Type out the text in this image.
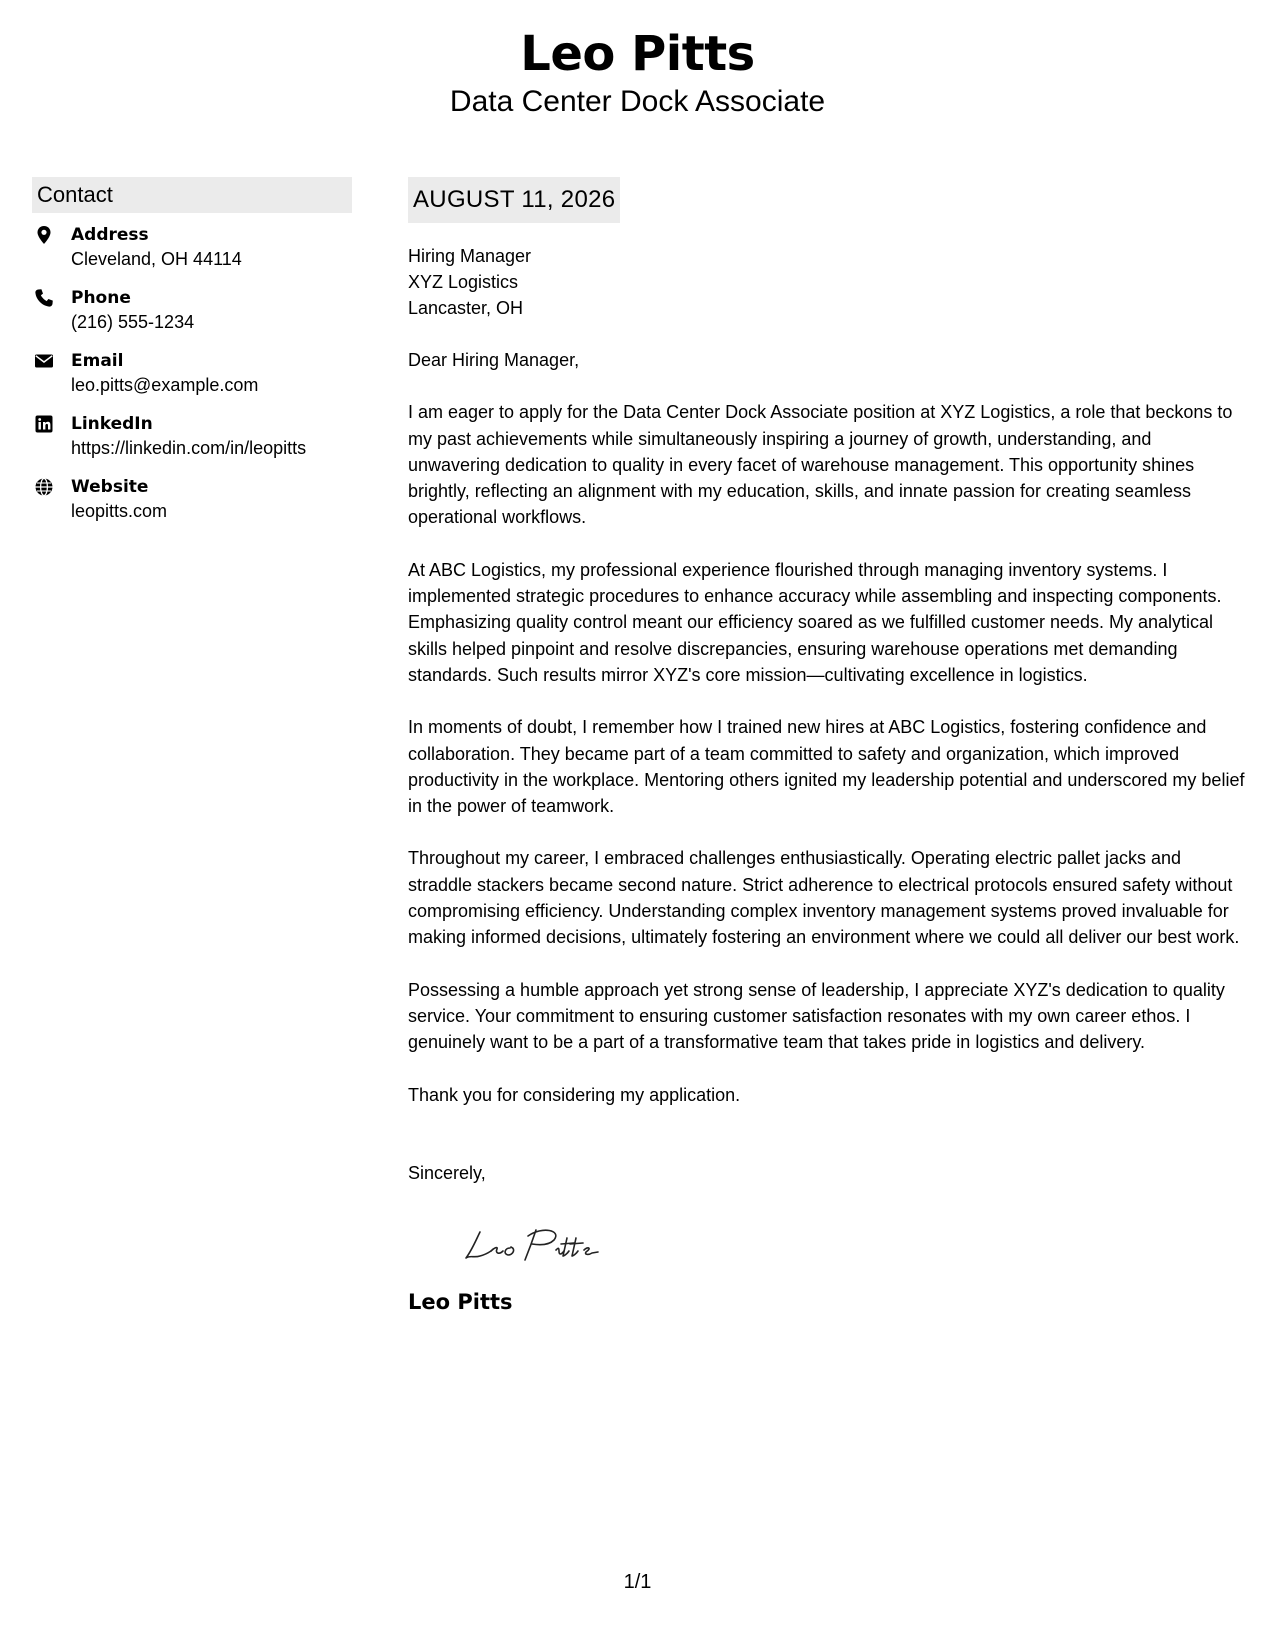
Leo Pitts
Data Center Dock Associate
Contact
Address
Cleveland, OH 44114
Phone
(216) 555-1234
Email
leo.pitts@example.com
LinkedIn
https://linkedin.com/in/leopitts
Website
leopitts.com
AUGUST 11, 2026
Hiring Manager
XYZ Logistics
Lancaster, OH

Dear Hiring Manager,

I am eager to apply for the Data Center Dock Associate position at XYZ Logistics, a role that beckons to my past achievements while simultaneously inspiring a journey of growth, understanding, and unwavering dedication to quality in every facet of warehouse management. This opportunity shines brightly, reflecting an alignment with my education, skills, and innate passion for creating seamless operational workflows.

At ABC Logistics, my professional experience flourished through managing inventory systems. I implemented strategic procedures to enhance accuracy while assembling and inspecting components. Emphasizing quality control meant our efficiency soared as we fulfilled customer needs. My analytical skills helped pinpoint and resolve discrepancies, ensuring warehouse operations met demanding standards. Such results mirror XYZ's core mission—cultivating excellence in logistics.

In moments of doubt, I remember how I trained new hires at ABC Logistics, fostering confidence and collaboration. They became part of a team committed to safety and organization, which improved productivity in the workplace. Mentoring others ignited my leadership potential and underscored my belief in the power of teamwork.

Throughout my career, I embraced challenges enthusiastically. Operating electric pallet jacks and straddle stackers became second nature. Strict adherence to electrical protocols ensured safety without compromising efficiency. Understanding complex inventory management systems proved invaluable for making informed decisions, ultimately fostering an environment where we could all deliver our best work.

Possessing a humble approach yet strong sense of leadership, I appreciate XYZ's dedication to quality service. Your commitment to ensuring customer satisfaction resonates with my own career ethos. I genuinely want to be a part of a transformative team that takes pride in logistics and delivery.

Thank you for considering my application.

Sincerely,
Leo Pitts
1/1
